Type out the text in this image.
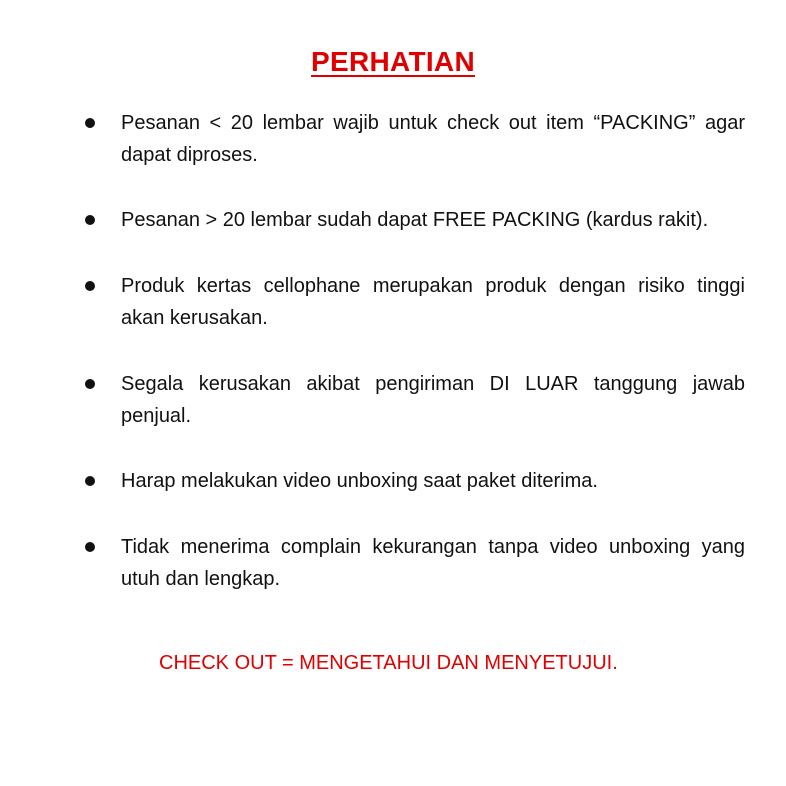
PERHATIAN
Pesanan < 20 lembar wajib untuk check out item “PACKING” agar dapat diproses.
Pesanan > 20 lembar sudah dapat FREE PACKING (kardus rakit).
Produk kertas cellophane merupakan produk dengan risiko tinggi akan kerusakan.
Segala kerusakan akibat pengiriman DI LUAR tanggung jawab penjual.
Harap melakukan video unboxing saat paket diterima.
Tidak menerima complain kekurangan tanpa video unboxing yang utuh dan lengkap.
CHECK OUT = MENGETAHUI DAN MENYETUJUI.
